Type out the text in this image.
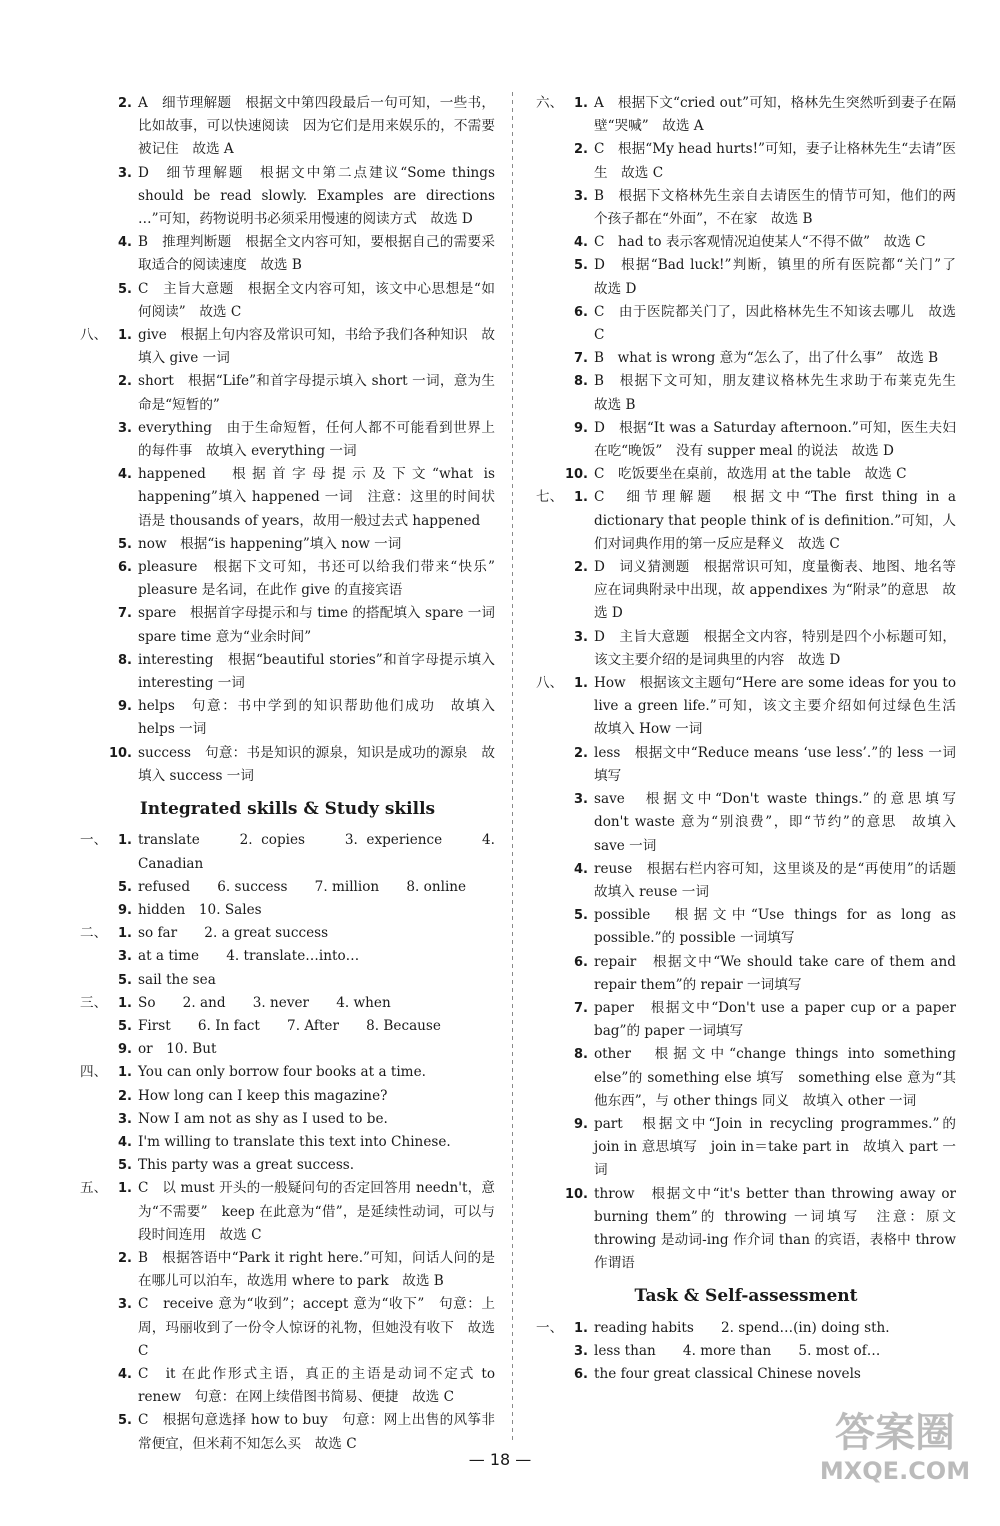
2. A　细节理解题　根据文中第四段最后一句可知，一些书，比如故事，可以快速阅读　因为它们是用来娱乐的，不需要被记住　故选 A
3. D　细节理解题　根据文中第二点建议“Some things should be read slowly. Examples are directions …”可知，药物说明书必须采用慢速的阅读方式　故选 D
4. B　推理判断题　根据全文内容可知，要根据自己的需要采取适合的阅读速度　故选 B
5. C　主旨大意题　根据全文内容可知，该文中心思想是“如何阅读”　故选 C
八、 1. give　根据上句内容及常识可知，书给予我们各种知识　故填入 give 一词
2. short　根据“Life”和首字母提示填入 short 一词，意为生命是“短暂的”
3. everything　由于生命短暂，任何人都不可能看到世界上的每件事　故填入 everything 一词
4. happened　根据首字母提示及下文“what is happening”填入 happened 一词　注意：这里的时间状语是 thousands of years，故用一般过去式 happened
5. now　根据“is happening”填入 now 一词
6. pleasure　根据下文可知，书还可以给我们带来“快乐”　pleasure 是名词，在此作 give 的直接宾语
7. spare　根据首字母提示和与 time 的搭配填入 spare 一词　spare time 意为“业余时间”
8. interesting　根据“beautiful stories”和首字母提示填入 interesting 一词
9. helps　句意：书中学到的知识帮助他们成功　故填入 helps 一词
10. success　句意：书是知识的源泉，知识是成功的源泉　故填入 success 一词
Integrated skills & Study skills
一、 1. translate　　2. copies　　3. experience　　4. Canadian
5. refused　　6. success　　7. million　　8. online
9. hidden　10. Sales
二、 1. so far　　2. a great success
3. at a time　　4. translate…into…
5. sail the sea
三、 1. So　　2. and　　3. never　　4. when
5. First　　6. In fact　　7. After　　8. Because
9. or　10. But
四、 1. You can only borrow four books at a time.
2. How long can I keep this magazine?
3. Now I am not as shy as I used to be.
4. I'm willing to translate this text into Chinese.
5. This party was a great success.
五、 1. C　以 must 开头的一般疑问句的否定回答用 needn't，意为“不需要”　keep 在此意为“借”，是延续性动词，可以与段时间连用　故选 C
2. B　根据答语中“Park it right here.”可知，问话人问的是在哪儿可以泊车，故选用 where to park　故选 B
3. C　receive 意为“收到”；accept 意为“收下”　句意：上周，玛丽收到了一份令人惊讶的礼物，但她没有收下　故选 C
4. C　it 在此作形式主语，真正的主语是动词不定式 to renew　句意：在网上续借图书简易、便捷　故选 C
5. C　根据句意选择 how to buy　句意：网上出售的风筝非常便宜，但米莉不知怎么买　故选 C
六、 1. A　根据下文“cried out”可知，格林先生突然听到妻子在隔壁“哭喊”　故选 A
2. C　根据“My head hurts!”可知，妻子让格林先生“去请”医生　故选 C
3. B　根据下文格林先生亲自去请医生的情节可知，他们的两个孩子都在“外面”，不在家　故选 B
4. C　had to 表示客观情况迫使某人“不得不做”　故选 C
5. D　根据“Bad luck!”判断，镇里的所有医院都“关门”了　故选 D
6. C　由于医院都关门了，因此格林先生不知该去哪儿　故选 C
7. B　what is wrong 意为“怎么了，出了什么事”　故选 B
8. B　根据下文可知，朋友建议格林先生求助于布莱克先生　故选 B
9. D　根据“It was a Saturday afternoon.”可知，医生夫妇在吃“晚饭”　没有 supper meal 的说法　故选 D
10. C　吃饭要坐在桌前，故选用 at the table　故选 C
七、 1. C　细节理解题　根据文中“The first thing in a dictionary that people think of is definition.”可知，人们对词典作用的第一反应是释义　故选 C
2. D　词义猜测题　根据常识可知，度量衡表、地图、地名等应在词典附录中出现，故 appendixes 为“附录”的意思　故选 D
3. D　主旨大意题　根据全文内容，特别是四个小标题可知，该文主要介绍的是词典里的内容　故选 D
八、 1. How　根据该文主题句“Here are some ideas for you to live a green life.”可知，该文主要介绍如何过绿色生活　故填入 How 一词
2. less　根据文中“Reduce means ‘use less’.”的 less 一词填写
3. save　根据文中“Don't waste things.”的意思填写　don't waste 意为“别浪费”，即“节约”的意思　故填入 save 一词
4. reuse　根据右栏内容可知，这里谈及的是“再使用”的话题　故填入 reuse 一词
5. possible　根据文中“Use things for as long as possible.”的 possible 一词填写
6. repair　根据文中“We should take care of them and repair them”的 repair 一词填写
7. paper　根据文中“Don't use a paper cup or a paper bag”的 paper 一词填写
8. other　根据文中“change things into something else”的 something else 填写　something else 意为“其他东西”，与 other things 同义　故填入 other 一词
9. part　根据文中“Join in recycling programmes.”的 join in 意思填写　join in＝take part in　故填入 part 一词
10. throw　根据文中“it's better than throwing away or burning them”的 throwing 一词填写　注意：原文 throwing 是动词-ing 作介词 than 的宾语，表格中 throw 作谓语
Task & Self-assessment
一、 1. reading habits　　2. spend…(in) doing sth.
3. less than　　4. more than　　5. most of…
6. the four great classical Chinese novels
— 18 —
答案圈
MXQE.COM
